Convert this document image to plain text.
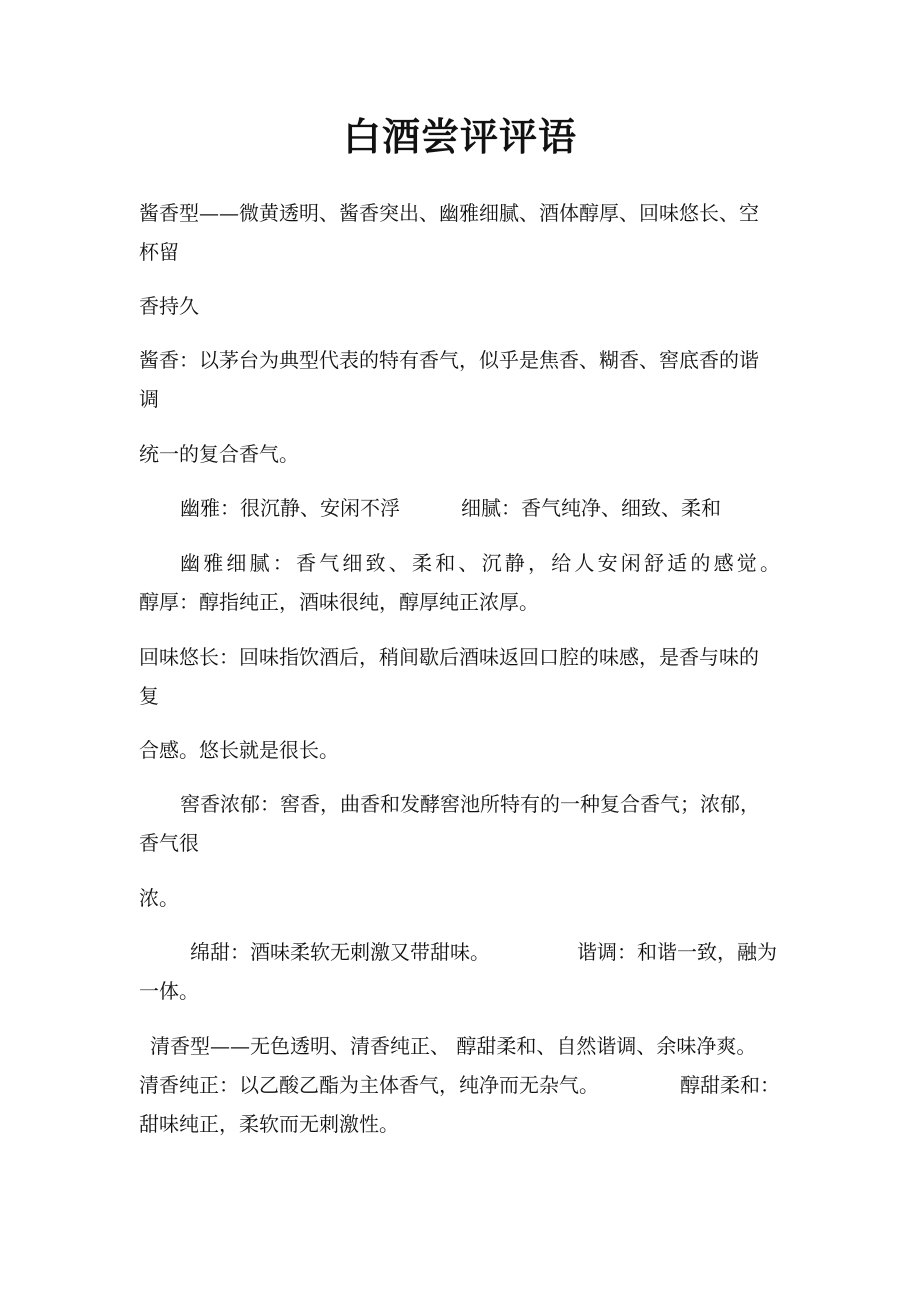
白酒尝评评语
酱香型——微黄透明、酱香突出、幽雅细腻、酒体醇厚、回味悠长、空
杯留
香持久
酱香：以茅台为典型代表的特有香气，似乎是焦香、糊香、窖底香的谐
调
统一的复合香气。
幽雅：很沉静、安闲不浮	细腻：香气纯净、细致、柔和
幽雅细腻：香气细致、柔和、沉静，给人安闲舒适的感觉。
醇厚：醇指纯正，酒味很纯，醇厚纯正浓厚。
回味悠长：回味指饮酒后，稍间歇后酒味返回口腔的味感，是香与味的
复
合感。悠长就是很长。
窖香浓郁：窖香，曲香和发酵窖池所特有的一种复合香气；浓郁，
香气很
浓。
绵甜：酒味柔软无刺激又带甜味。	谐调：和谐一致，融为
一体。
清香型——无色透明、清香纯正、 醇甜柔和、自然谐调、余味净爽。
清香纯正：以乙酸乙酯为主体香气，纯净而无杂气。	醇甜柔和：
甜味纯正，柔软而无刺激性。
